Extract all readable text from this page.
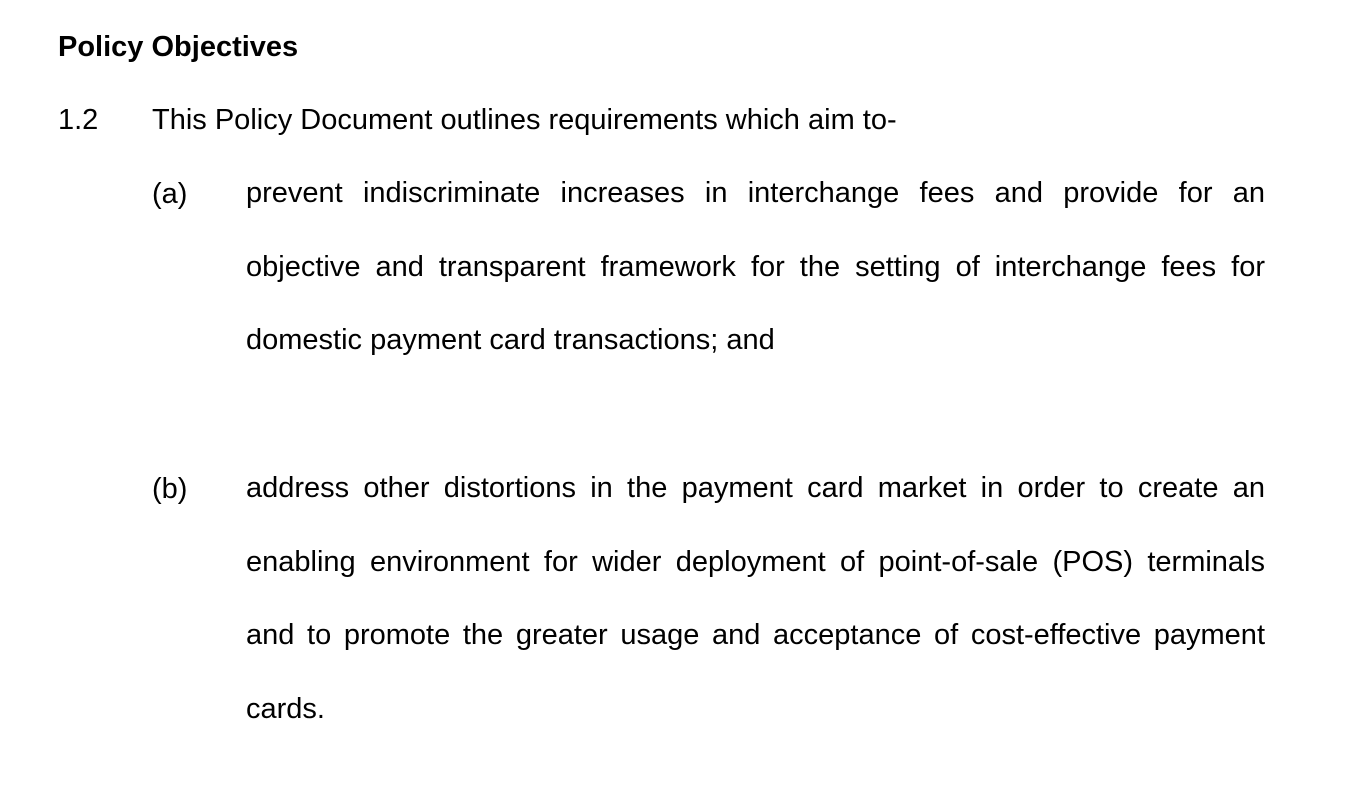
Policy Objectives
1.2 This Policy Document outlines requirements which aim to-
(a) prevent indiscriminate increases in interchange fees and provide for an objective and transparent framework for the setting of interchange fees for domestic payment card transactions; and

(b) address other distortions in the payment card market in order to create an enabling environment for wider deployment of point-of-sale (POS) terminals and to promote the greater usage and acceptance of cost-effective payment cards.
